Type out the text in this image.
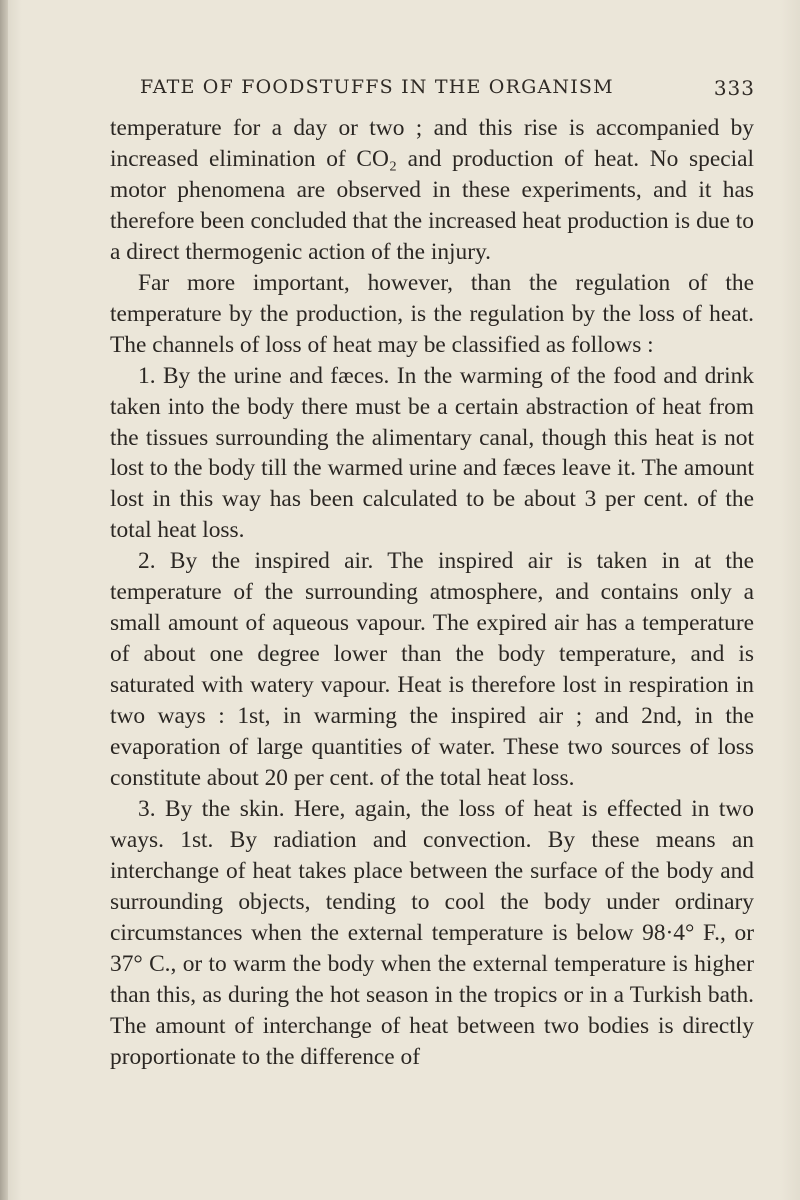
FATE OF FOODSTUFFS IN THE ORGANISM	333

temperature for a day or two ; and this rise is accompanied by increased elimination of CO₂ and production of heat. No special motor phenomena are observed in these experiments, and it has therefore been concluded that the increased heat production is due to a direct thermogenic action of the injury.

Far more important, however, than the regulation of the temperature by the production, is the regulation by the loss of heat. The channels of loss of heat may be classified as follows :

1. By the urine and fæces. In the warming of the food and drink taken into the body there must be a certain abstraction of heat from the tissues surrounding the alimentary canal, though this heat is not lost to the body till the warmed urine and fæces leave it. The amount lost in this way has been calculated to be about 3 per cent. of the total heat loss.

2. By the inspired air. The inspired air is taken in at the temperature of the surrounding atmosphere, and contains only a small amount of aqueous vapour. The expired air has a temperature of about one degree lower than the body temperature, and is saturated with watery vapour. Heat is therefore lost in respiration in two ways : 1st, in warming the inspired air ; and 2nd, in the evaporation of large quantities of water. These two sources of loss constitute about 20 per cent. of the total heat loss.

3. By the skin. Here, again, the loss of heat is effected in two ways. 1st. By radiation and convection. By these means an interchange of heat takes place between the surface of the body and surrounding objects, tending to cool the body under ordinary circumstances when the external temperature is below 98·4° F., or 37° C., or to warm the body when the external temperature is higher than this, as during the hot season in the tropics or in a Turkish bath. The amount of interchange of heat between two bodies is directly proportionate to the difference of
